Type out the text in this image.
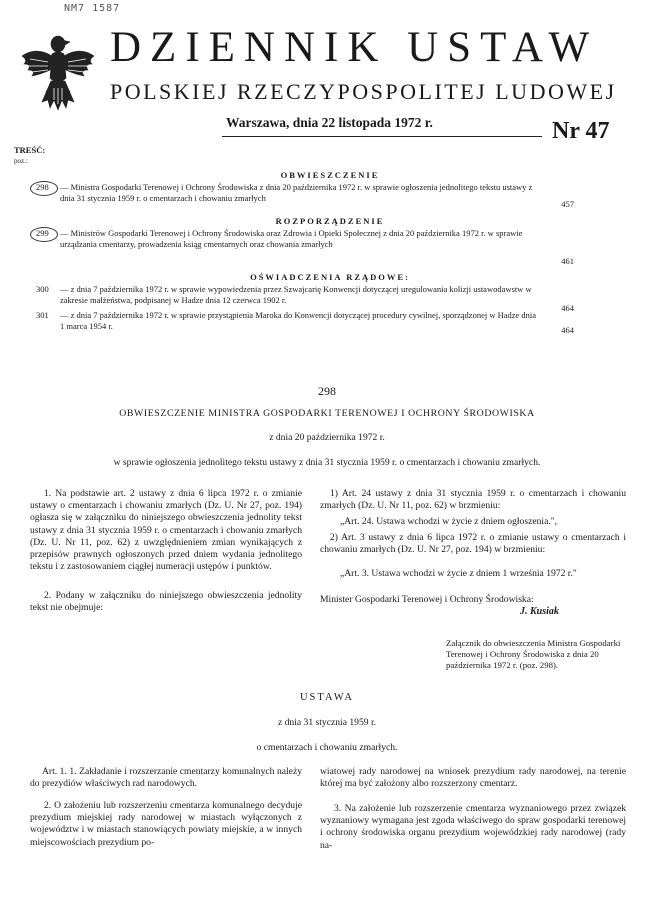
NM7 1587
DZIENNIK USTAW
POLSKIEJ RZECZYPOSPOLITEJ LUDOWEJ
Warszawa, dnia 22 listopada 1972 r.	Nr 47
TREŚĆ:
poz.:
OBWIESZCZENIE
298 — Ministra Gospodarki Terenowej i Ochrony Środowiska z dnia 20 października 1972 r. w sprawie ogłoszenia jednolitego tekstu ustawy z dnia 31 stycznia 1959 r. o cmentarzach i chowaniu zmarłych
457
ROZPORZĄDZENIE
299 — Ministrów Gospodarki Terenowej i Ochrony Środowiska oraz Zdrowia i Opieki Społecznej z dnia 20 października 1972 r. w sprawie urządzania cmentarzy, prowadzenia ksiąg cmentarnych oraz chowania zmarłych
461
OŚWIADCZENIA RZĄDOWE:
300 — z dnia 7 października 1972 r. w sprawie wypowiedzenia przez Szwajcarię Konwencji dotyczącej uregulowania kolizji ustawodawstw w zakresie małżeństwa, podpisanej w Hadze dnia 12 czerwca 1902 r.
464
301 — z dnia 7 października 1972 r. w sprawie przystąpienia Maroka do Konwencji dotyczącej procedury cywilnej, sporządzonej w Hadze dnia 1 marca 1954 r.	464
298
OBWIESZCZENIE MINISTRA GOSPODARKI TERENOWEJ I OCHRONY ŚRODOWISKA
z dnia 20 października 1972 r.
w sprawie ogłoszenia jednolitego tekstu ustawy z dnia 31 stycznia 1959 r. o cmentarzach i chowaniu zmarłych.
1. Na podstawie art. 2 ustawy z dnia 6 lipca 1972 r. o zmianie ustawy o cmentarzach i chowaniu zmarłych (Dz. U. Nr 27, poz. 194) ogłasza się w załączniku do niniejszego obwieszczenia jednolity tekst ustawy z dnia 31 stycznia 1959 r. o cmentarzach i chowaniu zmarłych (Dz. U. Nr 11, poz. 62) z uwzględnieniem zmian wynikających z przepisów prawnych ogłoszonych przed dniem wydania jednolitego tekstu i z zastosowaniem ciągłej numeracji ustępów i punktów.
2. Podany w załączniku do niniejszego obwieszczenia jednolity tekst nie obejmuje:
1) Art. 24 ustawy z dnia 31 stycznia 1959 r. o cmentarzach i chowaniu zmarłych (Dz. U. Nr 11, poz. 62) w brzmieniu:
„Art. 24. Ustawa wchodzi w życie z dniem ogłoszenia.",
2) Art. 3 ustawy z dnia 6 lipca 1972 r. o zmianie ustawy o cmentarzach i chowaniu zmarłych (Dz. U. Nr 27, poz. 194) w brzmieniu:
„Art. 3. Ustawa wchodzi w życie z dniem 1 września 1972 r."
Minister Gospodarki Terenowej i Ochrony Środowiska:
J. Kusiak
Załącznik do obwieszczenia Ministra Gospodarki Terenowej i Ochrony Środowiska z dnia 20 października 1972 r. (poz. 298).
USTAWA
z dnia 31 stycznia 1959 r.
o cmentarzach i chowaniu zmarłych.
Art. 1. 1. Zakładanie i rozszerzanie cmentarzy komunalnych należy do prezydiów właściwych rad narodowych.
2. O założeniu lub rozszerzeniu cmentarza komunalnego decyduje prezydium miejskiej rady narodowej w miastach wyłączonych z województw i w miastach stanowiących powiaty miejskie, a w innych miejscowościach prezydium po-
wiatowej rady narodowej na wniosek prezydium rady narodowej, na terenie której ma być założony albo rozszerzony cmentarz.
3. Na założenie lub rozszerzenie cmentarza wyznaniowego przez związek wyznaniowy wymagana jest zgoda właściwego do spraw gospodarki terenowej i ochrony środowiska organu prezydium wojewódzkiej rady narodowej (rady na-
